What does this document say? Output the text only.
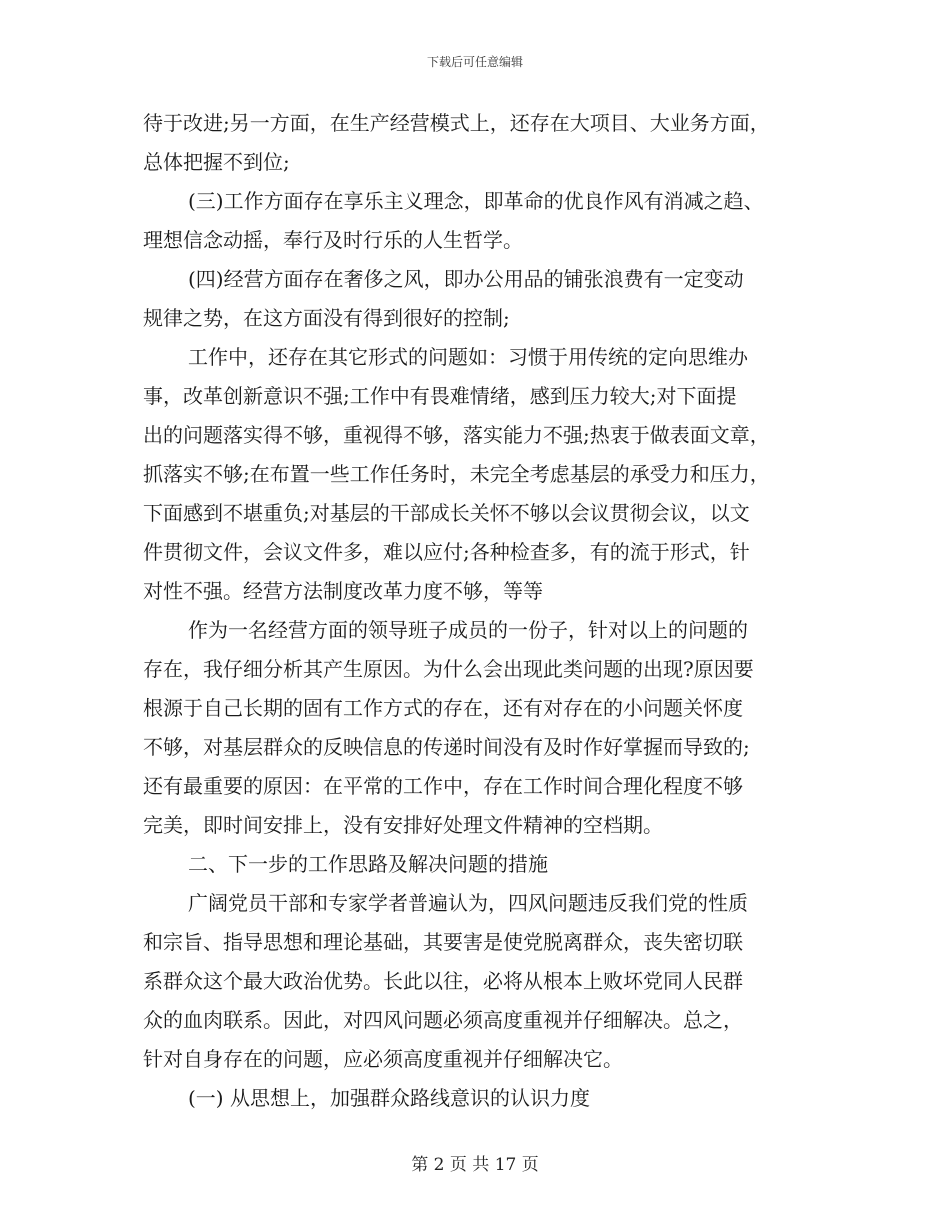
下载后可任意编辑
待于改进;另一方面，在生产经营模式上，还存在大项目、大业务方面，
总体把握不到位;
(三)工作方面存在享乐主义理念，即革命的优良作风有消减之趋、
理想信念动摇，奉行及时行乐的人生哲学。
(四)经营方面存在奢侈之风，即办公用品的铺张浪费有一定变动
规律之势，在这方面没有得到很好的控制;
工作中，还存在其它形式的问题如：习惯于用传统的定向思维办
事，改革创新意识不强;工作中有畏难情绪，感到压力较大;对下面提
出的问题落实得不够，重视得不够，落实能力不强;热衷于做表面文章，
抓落实不够;在布置一些工作任务时，未完全考虑基层的承受力和压力，
下面感到不堪重负;对基层的干部成长关怀不够以会议贯彻会议，以文
件贯彻文件，会议文件多，难以应付;各种检查多，有的流于形式，针
对性不强。经营方法制度改革力度不够，等等
作为一名经营方面的领导班子成员的一份子，针对以上的问题的
存在，我仔细分析其产生原因。为什么会出现此类问题的出现?原因要
根源于自己长期的固有工作方式的存在，还有对存在的小问题关怀度
不够，对基层群众的反映信息的传递时间没有及时作好掌握而导致的;
还有最重要的原因：在平常的工作中，存在工作时间合理化程度不够
完美，即时间安排上，没有安排好处理文件精神的空档期。
二、下一步的工作思路及解决问题的措施
广阔党员干部和专家学者普遍认为，四风问题违反我们党的性质
和宗旨、指导思想和理论基础，其要害是使党脱离群众，丧失密切联
系群众这个最大政治优势。长此以往，必将从根本上败坏党同人民群
众的血肉联系。因此，对四风问题必须高度重视并仔细解决。总之，
针对自身存在的问题，应必须高度重视并仔细解决它。
(一) 从思想上，加强群众路线意识的认识力度
第 2 页 共 17 页
